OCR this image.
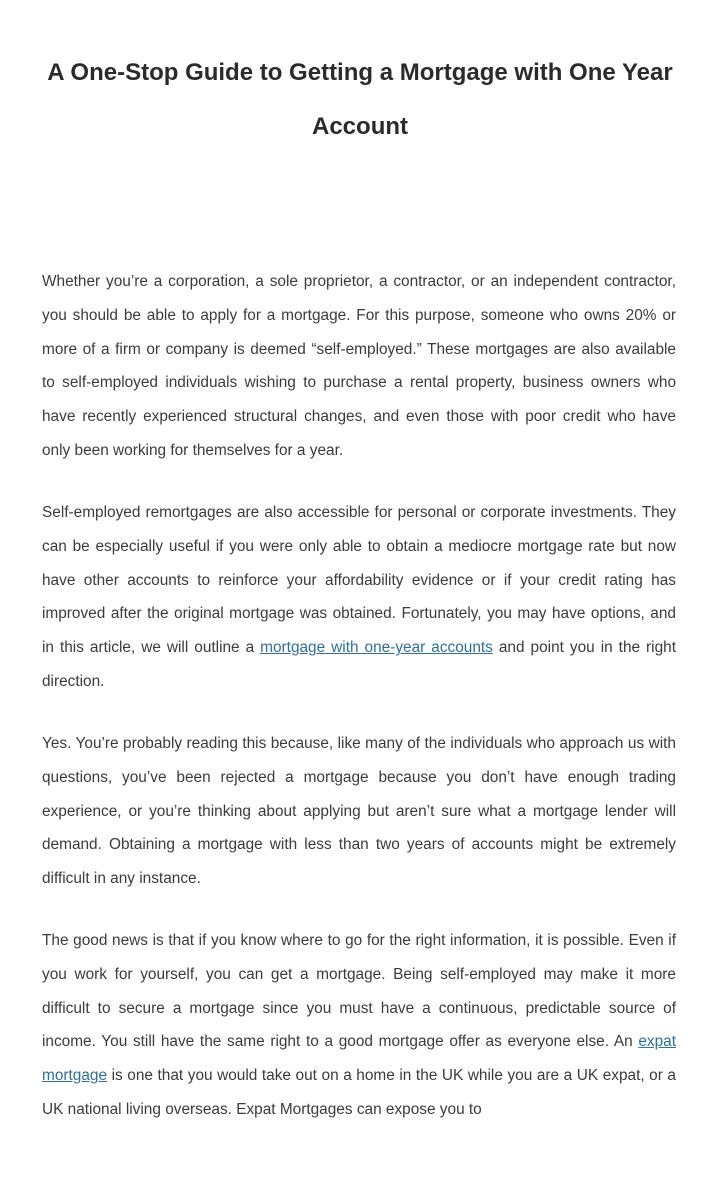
A One-Stop Guide to Getting a Mortgage with One Year Account

Whether you’re a corporation, a sole proprietor, a contractor, or an independent contractor, you should be able to apply for a mortgage. For this purpose, someone who owns 20% or more of a firm or company is deemed “self-employed.” These mortgages are also available to self-employed individuals wishing to purchase a rental property, business owners who have recently experienced structural changes, and even those with poor credit who have only been working for themselves for a year.

Self-employed remortgages are also accessible for personal or corporate investments. They can be especially useful if you were only able to obtain a mediocre mortgage rate but now have other accounts to reinforce your affordability evidence or if your credit rating has improved after the original mortgage was obtained. Fortunately, you may have options, and in this article, we will outline a mortgage with one-year accounts and point you in the right direction.

Yes. You’re probably reading this because, like many of the individuals who approach us with questions, you’ve been rejected a mortgage because you don’t have enough trading experience, or you’re thinking about applying but aren’t sure what a mortgage lender will demand. Obtaining a mortgage with less than two years of accounts might be extremely difficult in any instance.

The good news is that if you know where to go for the right information, it is possible. Even if you work for yourself, you can get a mortgage. Being self-employed may make it more difficult to secure a mortgage since you must have a continuous, predictable source of income. You still have the same right to a good mortgage offer as everyone else. An expat mortgage is one that you would take out on a home in the UK while you are a UK expat, or a UK national living overseas. Expat Mortgages can expose you to
